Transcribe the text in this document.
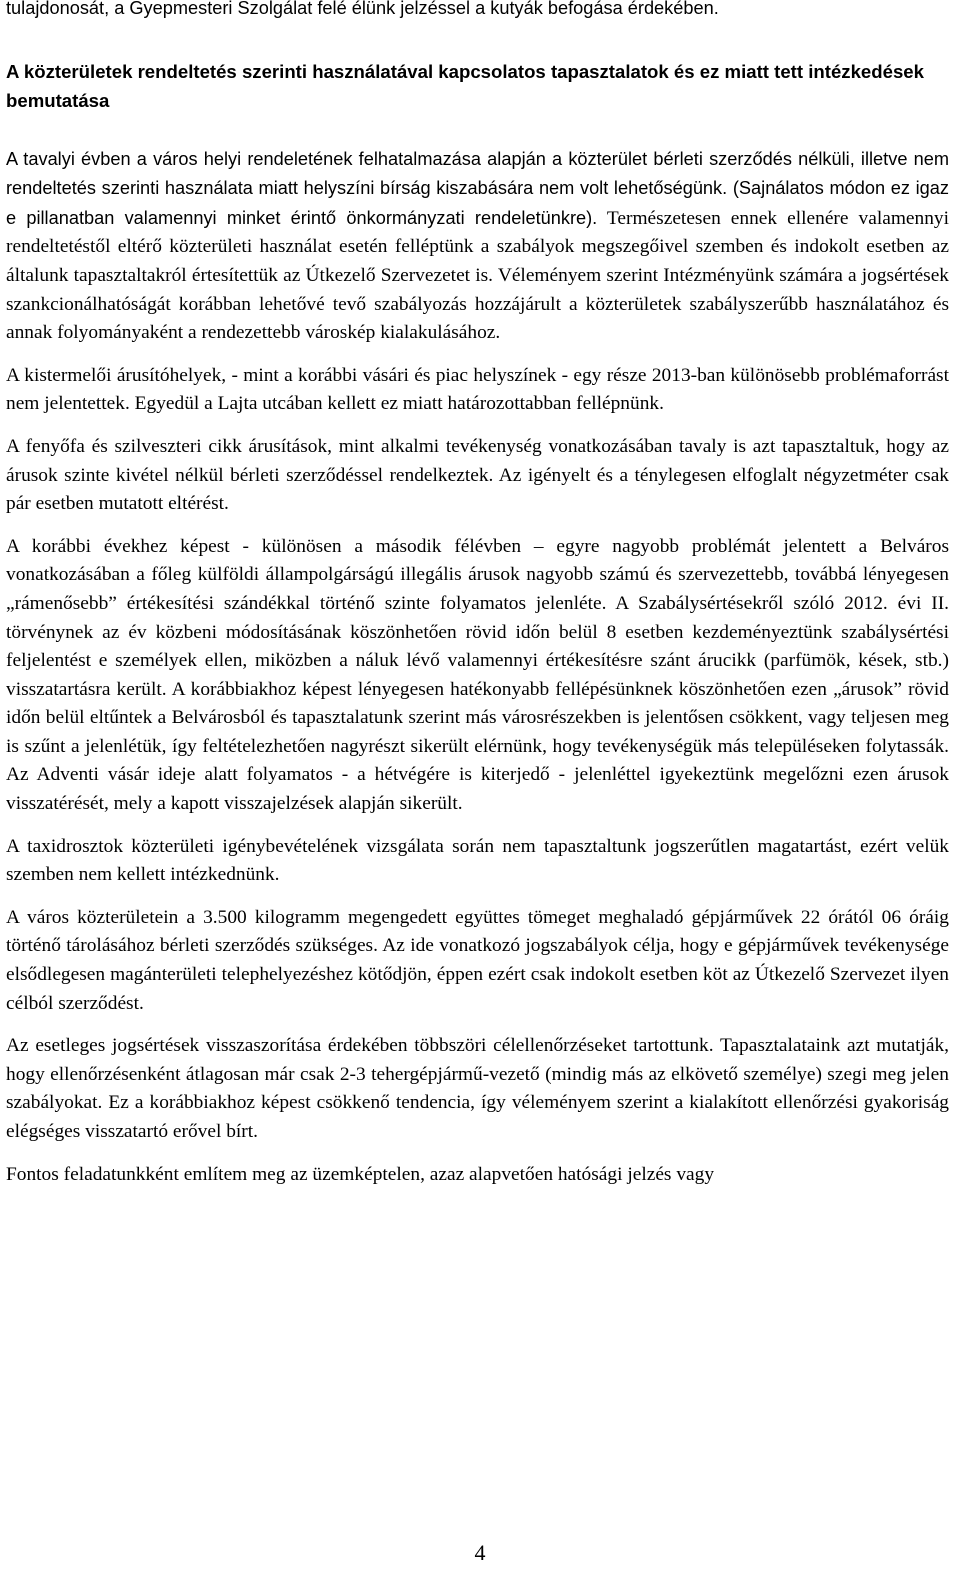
tulajdonosát, a Gyepmesteri Szolgálat felé élünk jelzéssel a kutyák befogása érdekében.

A közterületek rendeltetés szerinti használatával kapcsolatos tapasztalatok és ez miatt tett intézkedések bemutatása

A tavalyi évben a város helyi rendeletének felhatalmazása alapján a közterület bérleti szerződés nélküli, illetve nem rendeltetés szerinti használata miatt helyszíni bírság kiszabására nem volt lehetőségünk. (Sajnálatos módon ez igaz e pillanatban valamennyi minket érintő önkormányzati rendeletünkre). Természetesen ennek ellenére valamennyi rendeltetéstől eltérő közterületi használat esetén felléptünk a szabályok megszegőivel szemben és indokolt esetben az általunk tapasztaltakról értesítettük az Útkezelő Szervezetet is. Véleményem szerint Intézményünk számára a jogsértések szankcionálhatóságát korábban lehetővé tevő szabályozás hozzájárult a közterületek szabályszerűbb használatához és annak folyományaként a rendezettebb városkép kialakulásához.

A kistermelői árusítóhelyek, - mint a korábbi vásári és piac helyszínek - egy része 2013-ban különösebb problémaforrást nem jelentettek. Egyedül a Lajta utcában kellett ez miatt határozottabban fellépnünk.

A fenyőfa és szilveszteri cikk árusítások, mint alkalmi tevékenység vonatkozásában tavaly is azt tapasztaltuk, hogy az árusok szinte kivétel nélkül bérleti szerződéssel rendelkeztek. Az igényelt és a ténylegesen elfoglalt négyzetméter csak pár esetben mutatott eltérést.

A korábbi évekhez képest - különösen a második félévben – egyre nagyobb problémát jelentett a Belváros vonatkozásában a főleg külföldi állampolgárságú illegális árusok nagyobb számú és szervezettebb, továbbá lényegesen „rámenősebb” értékesítési szándékkal történő szinte folyamatos jelenléte. A Szabálysértésekről szóló 2012. évi II. törvénynek az év közbeni módosításának köszönhetően rövid időn belül 8 esetben kezdeményeztünk szabálysértési feljelentést e személyek ellen, miközben a náluk lévő valamennyi értékesítésre szánt árucikk (parfümök, kések, stb.) visszatartásra került. A korábbiakhoz képest lényegesen hatékonyabb fellépésünknek köszönhetően ezen „árusok” rövid időn belül eltűntek a Belvárosból és tapasztalatunk szerint más városrészekben is jelentősen csökkent, vagy teljesen meg is szűnt a jelenlétük, így feltételezhetően nagyrészt sikerült elérnünk, hogy tevékenységük más településeken folytassák. Az Adventi vásár ideje alatt folyamatos - a hétvégére is kiterjedő - jelenléttel igyekeztünk megelőzni ezen árusok visszatérését, mely a kapott visszajelzések alapján sikerült.

A taxidrosztok közterületi igénybevételének vizsgálata során nem tapasztaltunk jogszerűtlen magatartást, ezért velük szemben nem kellett intézkednünk.

A város közterületein a 3.500 kilogramm megengedett együttes tömeget meghaladó gépjárművek 22 órától 06 óráig történő tárolásához bérleti szerződés szükséges. Az ide vonatkozó jogszabályok célja, hogy e gépjárművek tevékenysége elsődlegesen magánterületi telephelyezéshez kötődjön, éppen ezért csak indokolt esetben köt az Útkezelő Szervezet ilyen célból szerződést.

Az esetleges jogsértések visszaszorítása érdekében többszöri célellenőrzéseket tartottunk. Tapasztalataink azt mutatják, hogy ellenőrzésenként átlagosan már csak 2-3 tehergépjármű-vezető (mindig más az elkövető személye) szegi meg jelen szabályokat. Ez a korábbiakhoz képest csökkenő tendencia, így véleményem szerint a kialakított ellenőrzési gyakoriság elégséges visszatartó erővel bírt.

Fontos feladatunkként említem meg az üzemképtelen, azaz alapvetően hatósági jelzés vagy

4
